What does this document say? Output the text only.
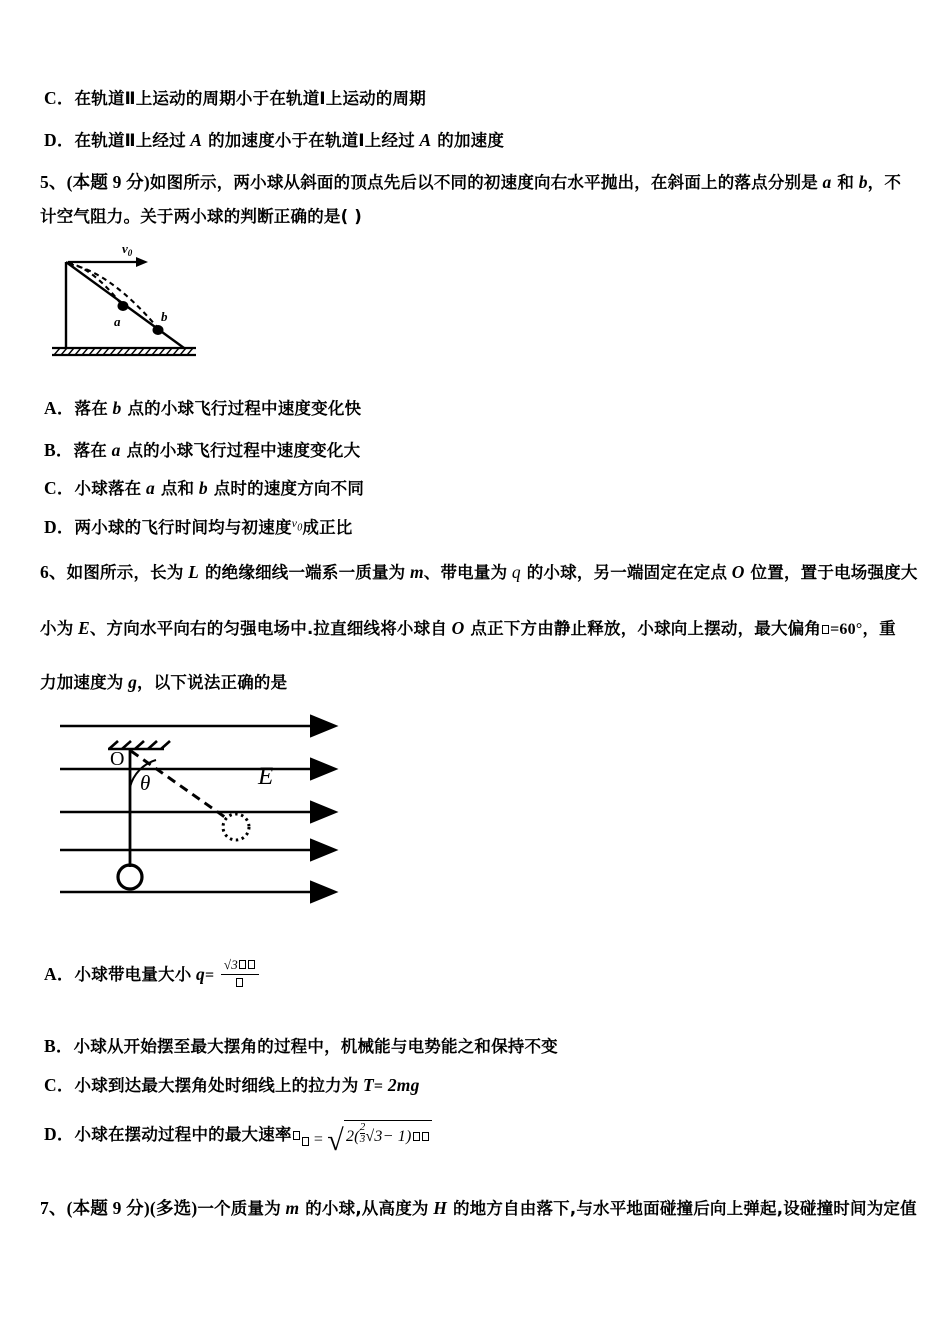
C．在轨道Ⅱ上运动的周期小于在轨道Ⅰ上运动的周期
D．在轨道Ⅱ上经过 A 的加速度小于在轨道Ⅰ上经过 A 的加速度
5、(本题 9 分)如图所示，两小球从斜面的顶点先后以不同的初速度向右水平抛出，在斜面上的落点分别是 a 和 b，不
计空气阻力。关于两小球的判断正确的是( )
$v_0$
a	b
A．落在 b 点的小球飞行过程中速度变化快
B．落在 a 点的小球飞行过程中速度变化大
C．小球落在 a 点和 b 点时的速度方向不同
D．两小球的飞行时间均与初速度$^{v_0}$成正比
6、如图所示，长为 L 的绝缘细线一端系一质量为 m、带电量为 q 的小球，另一端固定在定点 O 位置，置于电场强度大
小为 E、方向水平向右的匀强电场中.拉直细线将小球自 O 点正下方由静止释放，小球向上摆动，最大偏角 =60°，重
力加速度为 g，以下说法正确的是
O
θ	E
A．小球带电量大小 q=
√3
B．小球从开始摆至最大摆角的过程中，机械能与电势能之和保持不变
C．小球到达最大摆角处时细线上的拉力为 T= 2mg
D．小球在摆动过程中的最大速率 = √ $2( \frac{2}{3} √3- 1)$
7、(本题 9 分)(多选)一个质量为 m 的小球,从高度为 H 的地方自由落下,与水平地面碰撞后向上弹起,设碰撞时间为定值
